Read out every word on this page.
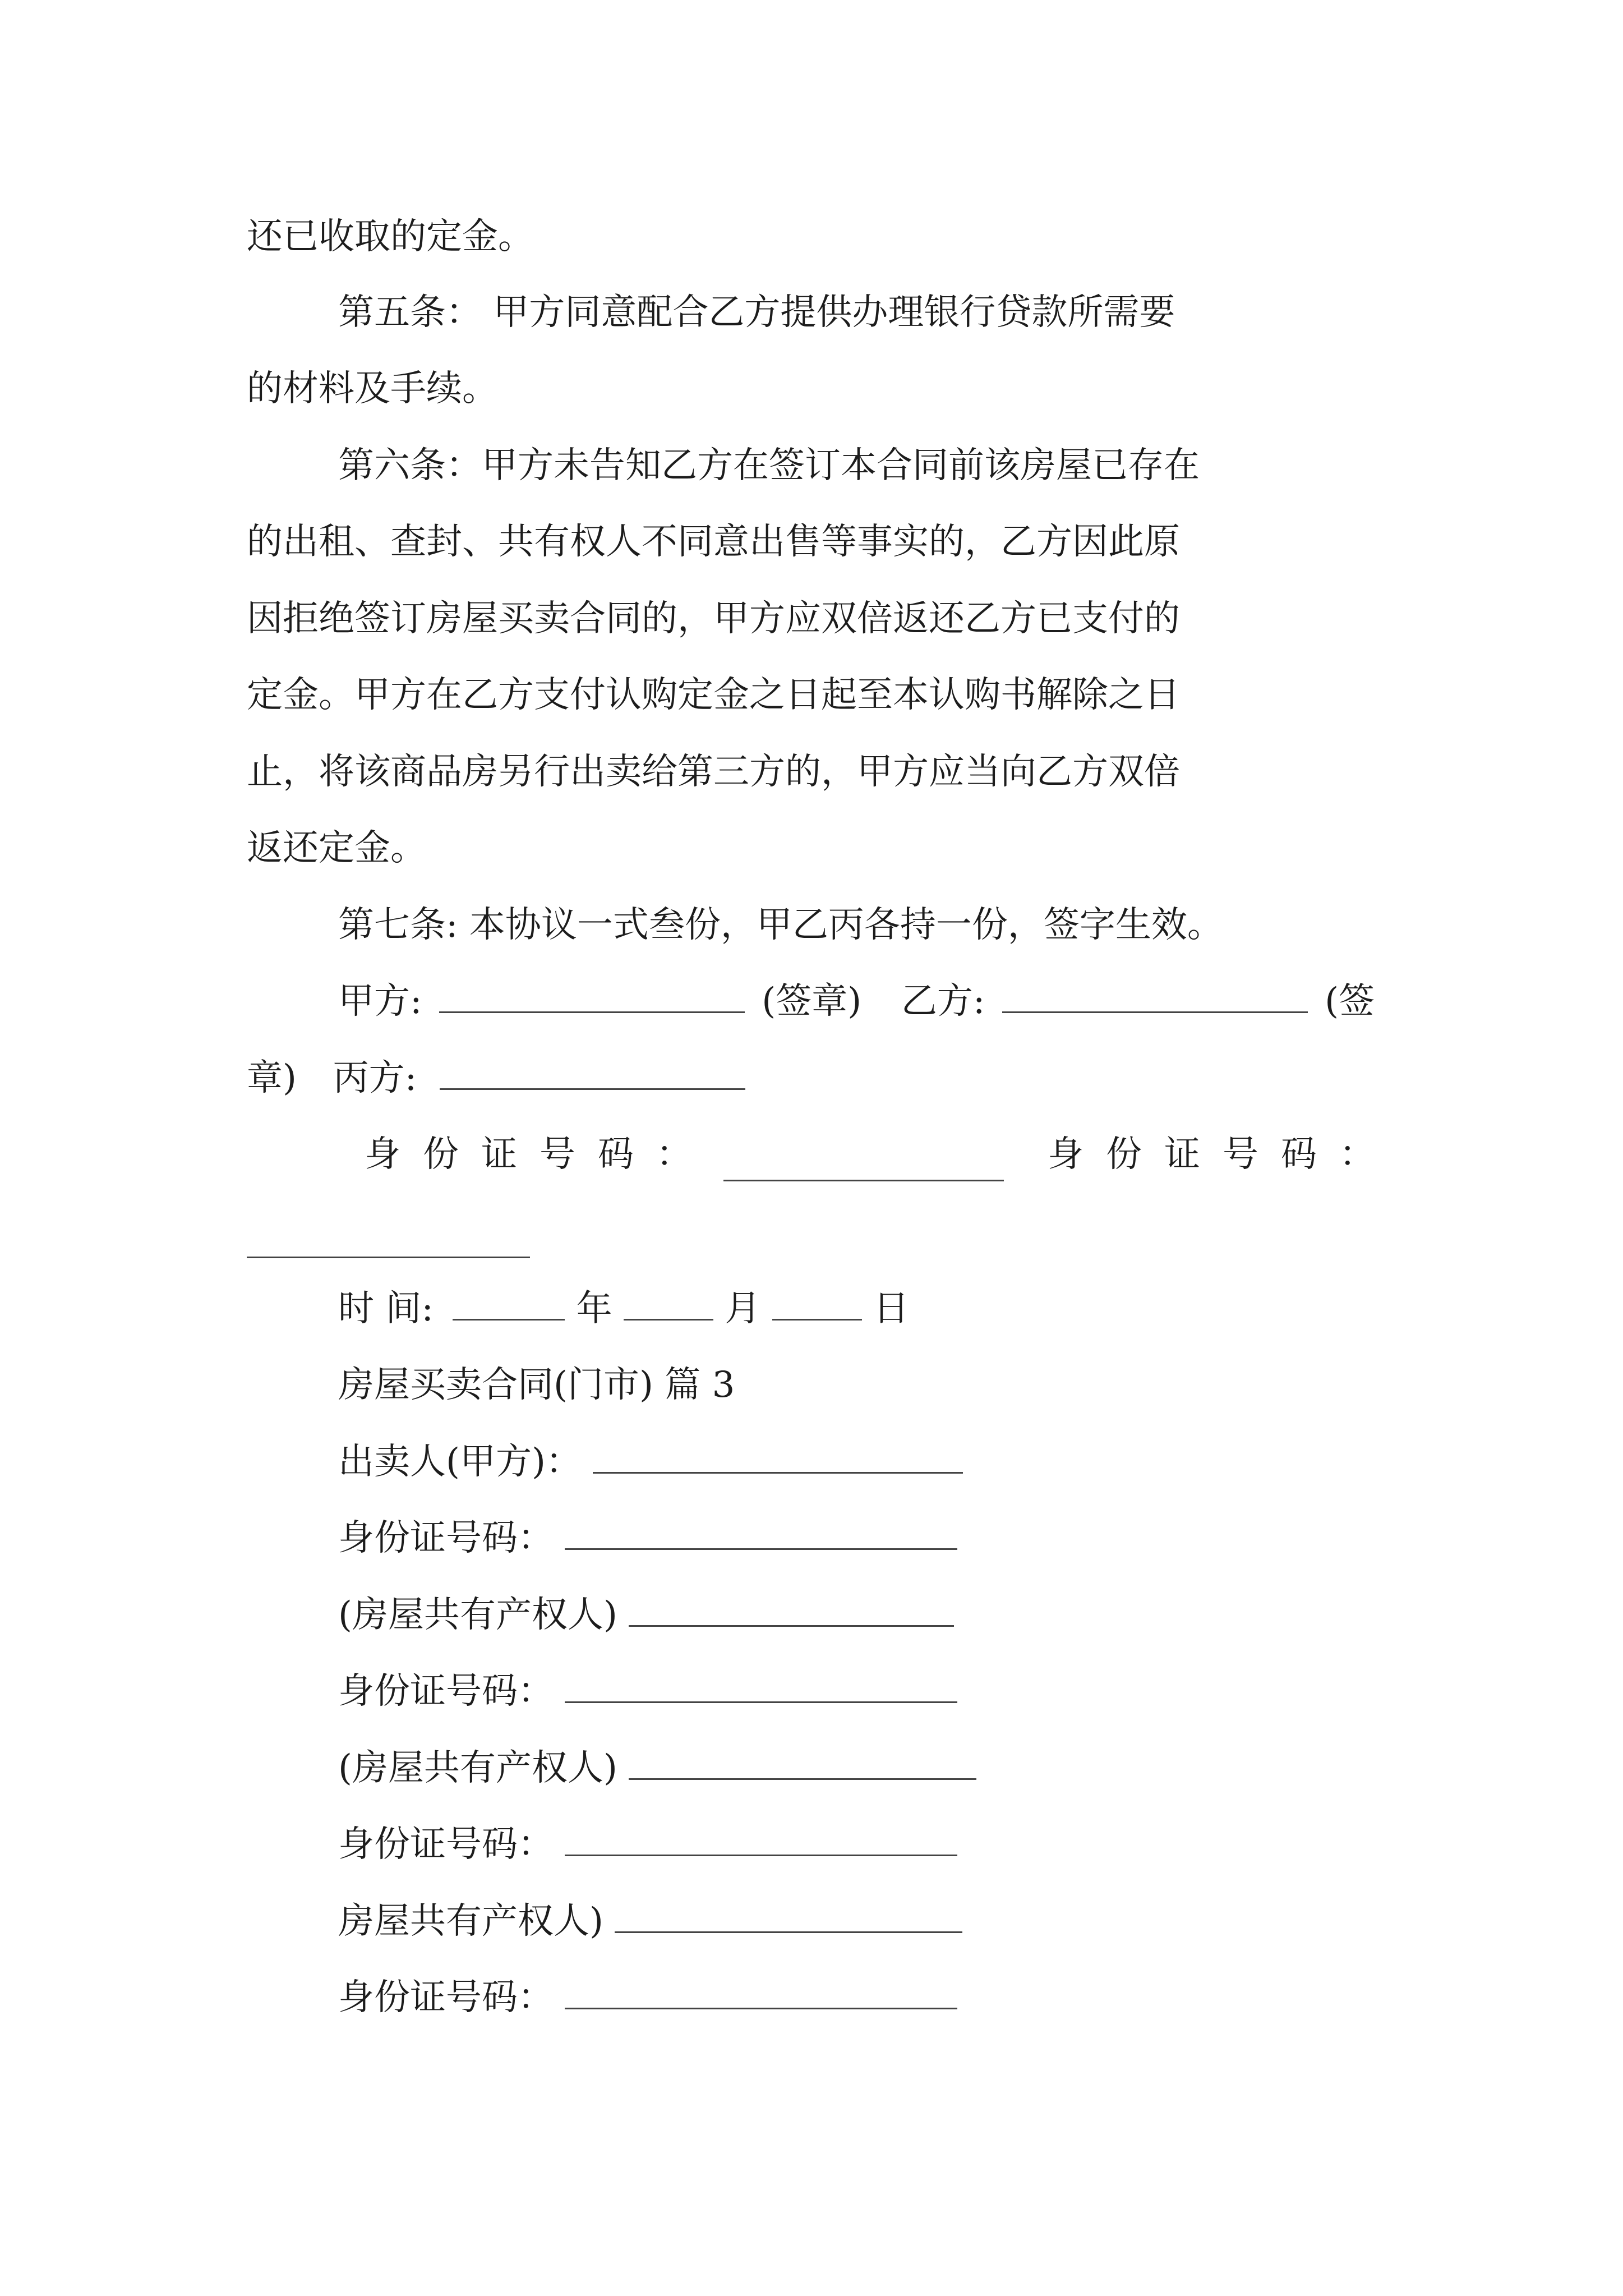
还已收取的定金。
第五条： 甲方同意配合乙方提供办理银行贷款所需要
的材料及手续。
第六条：甲方未告知乙方在签订本合同前该房屋已存在
的出租、查封、共有权人不同意出售等事实的，乙方因此原
因拒绝签订房屋买卖合同的，甲方应双倍返还乙方已支付的
定金。甲方在乙方支付认购定金之日起至本认购书解除之日
止，将该商品房另行出卖给第三方的，甲方应当向乙方双倍
返还定金。
第七条: 本协议一式叁份，甲乙丙各持一份，签字生效。
甲方:	(签章) 乙方:	(签
章) 丙方:
身份证号码：	身份证号码：
时 间:	年	月	日
房屋买卖合同(门市) 篇 3
出卖人(甲方)：
身份证号码：
(房屋共有产权人)
身份证号码：
(房屋共有产权人)
身份证号码：
房屋共有产权人)
身份证号码：
